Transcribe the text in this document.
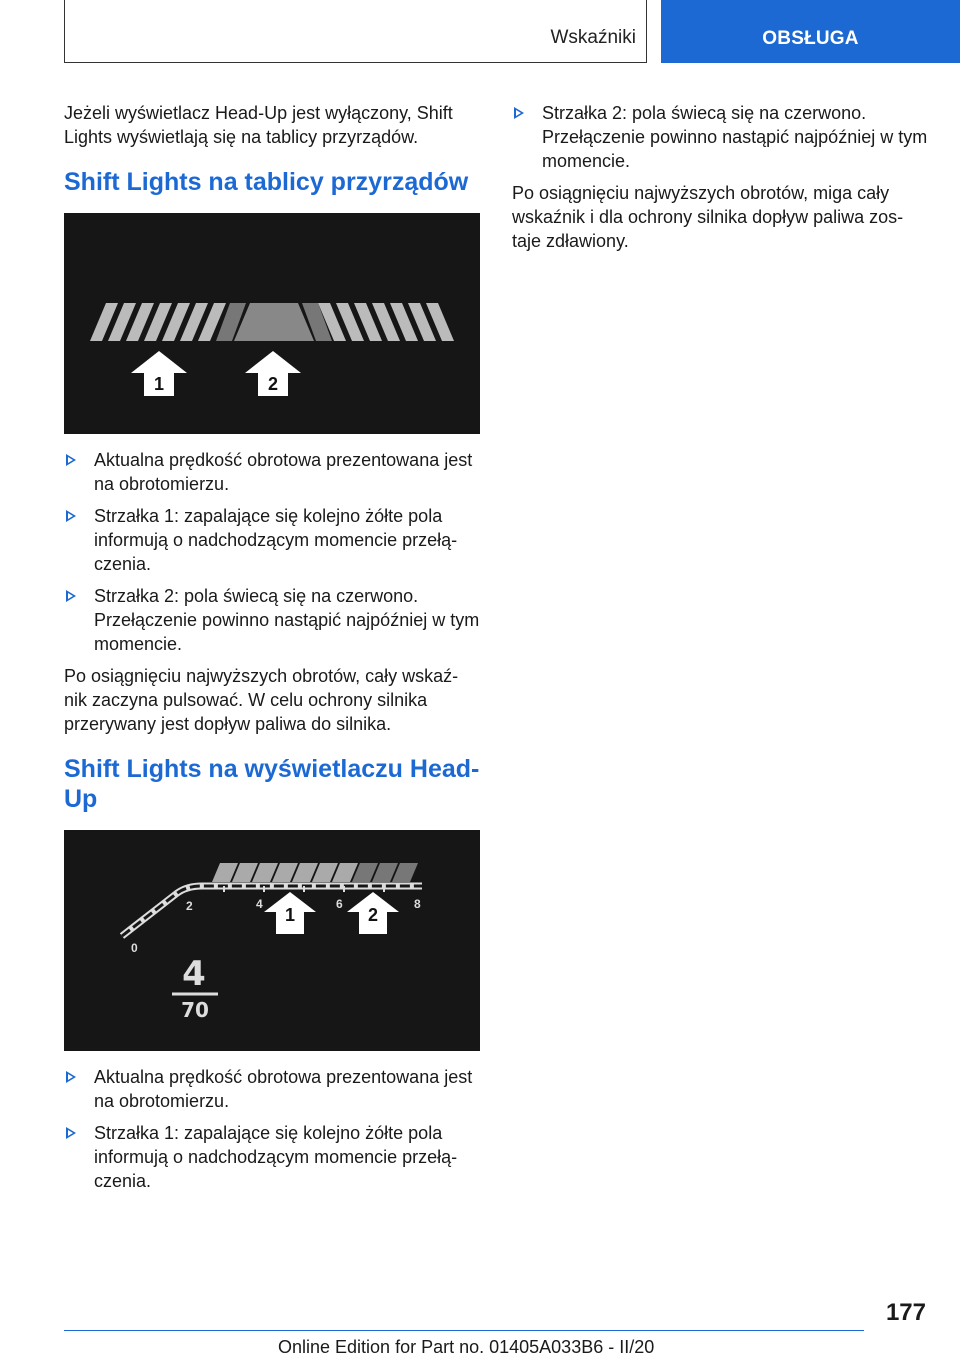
Wskaźniki	OBSŁUGA

Jeżeli wyświetlacz Head-Up jest wyłączony, Shift Lights wyświetlają się na tablicy przyrządów.

Shift Lights na tablicy przyrządów
1	2
Aktualna prędkość obrotowa prezentowana jest na obrotomierzu.
Strzałka 1: zapalające się kolejno żółte pola informują o nadchodzącym momencie przełą‐czenia.
Strzałka 2: pola świecą się na czerwono. Przełączenie powinno nastąpić najpóźniej w tym momencie.

Po osiągnięciu najwyższych obrotów, cały wskaź‐nik zaczyna pulsować. W celu ochrony silnika przerywany jest dopływ paliwa do silnika.

Shift Lights na wyświetlaczu Head-Up
0
2	4	6	8
1	2
4
70
Aktualna prędkość obrotowa prezentowana jest na obrotomierzu.
Strzałka 1: zapalające się kolejno żółte pola informują o nadchodzącym momencie przełą‐czenia.
Strzałka 2: pola świecą się na czerwono. Przełączenie powinno nastąpić najpóźniej w tym momencie.

Po osiągnięciu najwyższych obrotów, miga cały wskaźnik i dla ochrony silnika dopływ paliwa zos‐taje zdławiony.

177
Online Edition for Part no. 01405A033B6 - II/20
